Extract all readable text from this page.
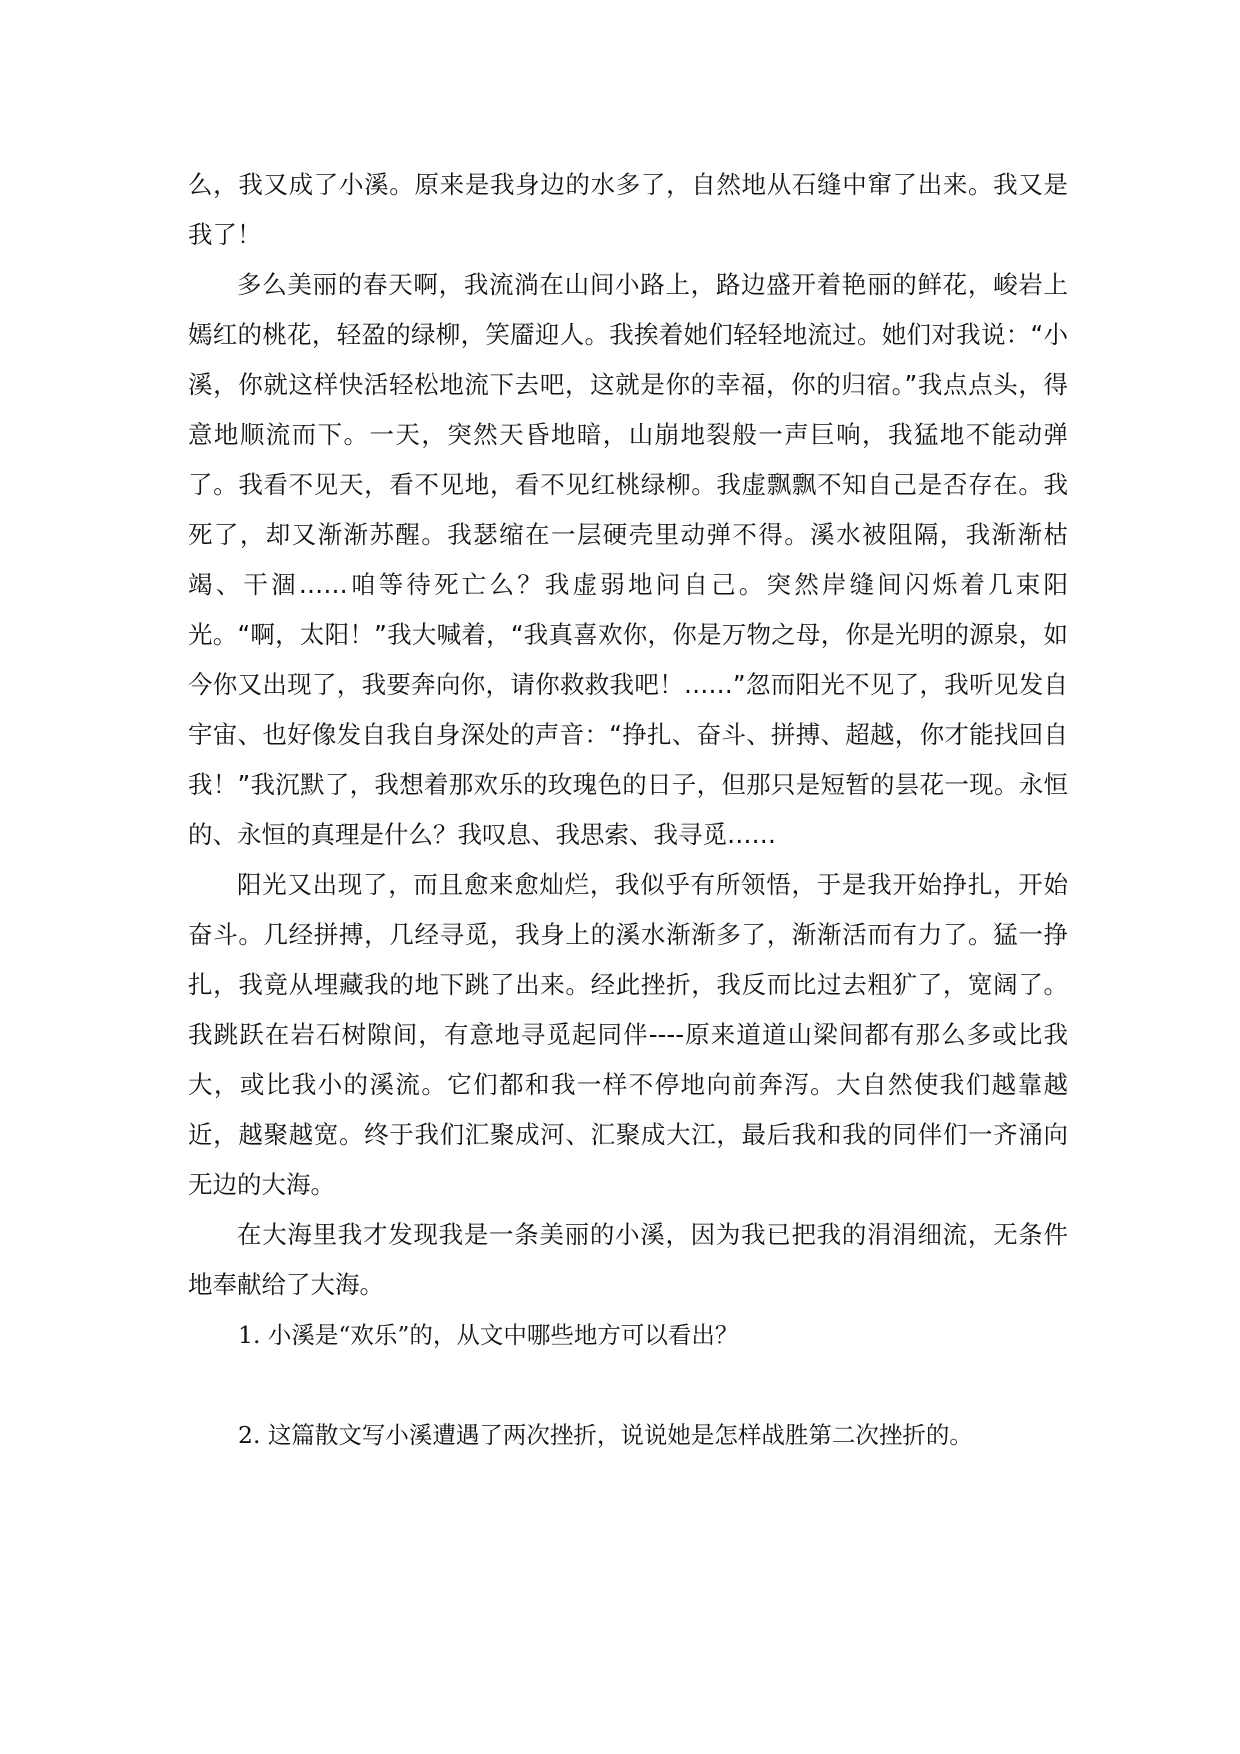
么，我又成了小溪。原来是我身边的水多了，自然地从石缝中窜了出来。我又是我了！

多么美丽的春天啊，我流淌在山间小路上，路边盛开着艳丽的鲜花，峻岩上嫣红的桃花，轻盈的绿柳，笑靥迎人。我挨着她们轻轻地流过。她们对我说：“小溪，你就这样快活轻松地流下去吧，这就是你的幸福，你的归宿。”我点点头，得意地顺流而下。一天，突然天昏地暗，山崩地裂般一声巨响，我猛地不能动弹了。我看不见天，看不见地，看不见红桃绿柳。我虚飘飘不知自己是否存在。我死了，却又渐渐苏醒。我瑟缩在一层硬壳里动弹不得。溪水被阻隔，我渐渐枯竭、干涸……咱等待死亡么？我虚弱地问自己。突然岸缝间闪烁着几束阳光。“啊，太阳！”我大喊着，“我真喜欢你，你是万物之母，你是光明的源泉，如今你又出现了，我要奔向你，请你救救我吧！……”忽而阳光不见了，我听见发自宇宙、也好像发自我自身深处的声音：“挣扎、奋斗、拼搏、超越，你才能找回自我！”我沉默了，我想着那欢乐的玫瑰色的日子，但那只是短暂的昙花一现。永恒的、永恒的真理是什么？我叹息、我思索、我寻觅……

阳光又出现了，而且愈来愈灿烂，我似乎有所领悟，于是我开始挣扎，开始奋斗。几经拼搏，几经寻觅，我身上的溪水渐渐多了，渐渐活而有力了。猛一挣扎，我竟从埋藏我的地下跳了出来。经此挫折，我反而比过去粗犷了，宽阔了。我跳跃在岩石树隙间，有意地寻觅起同伴----原来道道山梁间都有那么多或比我大，或比我小的溪流。它们都和我一样不停地向前奔泻。大自然使我们越靠越近，越聚越宽。终于我们汇聚成河、汇聚成大江，最后我和我的同伴们一齐涌向无边的大海。

在大海里我才发现我是一条美丽的小溪，因为我已把我的涓涓细流，无条件地奉献给了大海。

1. 小溪是“欢乐”的，从文中哪些地方可以看出？

2. 这篇散文写小溪遭遇了两次挫折，说说她是怎样战胜第二次挫折的。
